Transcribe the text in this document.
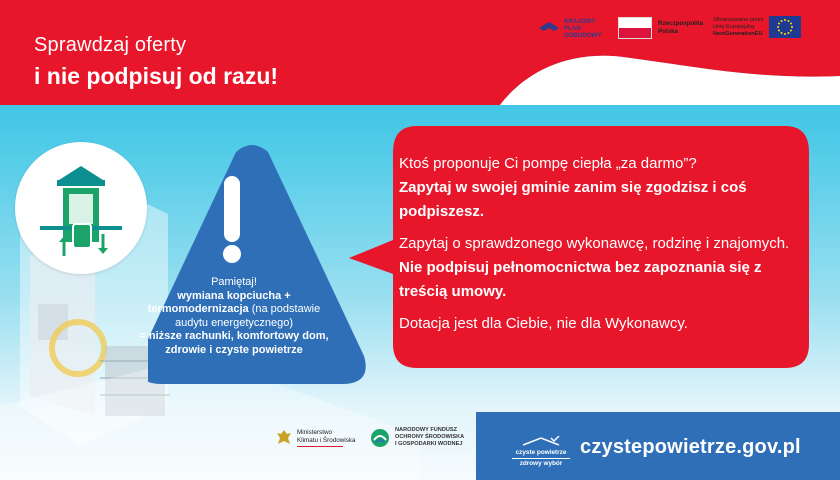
Sprawdzaj oferty
i nie podpisuj od razu!
KRAJOWY
PLAN
ODBUDOWY
Rzeczpospolita
Polska
Sfinansowane przez
Unię Europejską
NextGenerationEU
Pamiętaj!
wymiana kopciucha +
termomodernizacja (na podstawie
audytu energetycznego)
= niższe rachunki, komfortowy dom,
zdrowie i czyste powietrze

Ktoś proponuje Ci pompę ciepła „za darmo”?
Zapytaj w swojej gminie zanim się zgodzisz i coś podpiszesz.

Zapytaj o sprawdzonego wykonawcę, rodzinę i znajomych. Nie podpisuj pełnomocnictwa bez zapoznania się z treścią umowy.

Dotacja jest dla Ciebie, nie dla Wykonawcy.

Ministerstwo
Klimatu i Środowiska
NARODOWY FUNDUSZ
OCHRONY ŚRODOWISKA
I GOSPODARKI WODNEJ
czyste powietrze
zdrowy wybór
czystepowietrze.gov.pl
